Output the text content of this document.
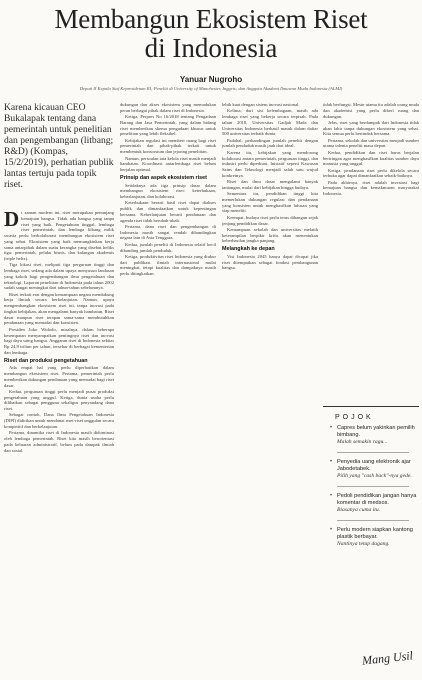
Membangun Ekosistem Riset
di Indonesia
Yanuar Nugroho
Deputi II Kepala Staf Kepresidenan RI; Peneliti di University of Manchester, Inggris; dan Anggota Akademi Ilmuwan Muda Indonesia (ALMI)
Karena kicauan CEO Bukalapak tentang dana pemerintah untuk penelitian dan pengembangan (litbang; R&D) (Kompas, 15/2/2019), perhatian publik lantas tertuju pada topik riset.

Di zaman modern ini, riset merupakan penunjang kemajuan bangsa. Tidak ada bangsa yang tanpa riset yang baik. Pengetahuan tinggal, lembaga riset pemerintah, dan lembaga litbang milik swasta perlu berkolaborasi membangun ekosistem riset yang sehat. Ekosistem yang baik memungkinkan kerja sama antarpihak dalam suatu kerangka yang disebut heliks tiga: pemerintah, pelaku bisnis, dan kalangan akademis (triple helix).

Tiga lokasi riset, meliputi tiga perguruan tinggi dan lembaga riset, sedang ada dalam upaya menyusun landasan yang kokoh bagi pengembangan ilmu pengetahuan dan teknologi. Laporan penelitian di Indonesia pada tahun 2002 sudah sangat meningkat dari tahun-tahun sebelumnya.

Riset terkait erat dengan kemampuan negara mendukung kerja ilmiah secara berkelanjutan. Namun, upaya mengembangkan ekosistem riset ini, tanpa inovasi pada tingkat kebijakan, akan mengalami banyak hambatan. Riset dasar maupun riset terapan sama-sama membutuhkan pendanaan yang memadai dan konsisten.

Presiden Joko Widodo, misalnya, dalam beberapa kesempatan menyampaikan pentingnya riset dan inovasi bagi daya saing bangsa. Anggaran riset di Indonesia sekitar Rp 24,9 triliun per tahun, tersebar di berbagai kementerian dan lembaga.

Riset dan produksi pengetahuan

Ada empat hal yang perlu diperhatikan dalam membangun ekosistem riset. Pertama, pemerintah perlu memberikan dukungan pendanaan yang memadai bagi riset dasar.

Kedua, perguruan tinggi perlu menjadi pusat produksi pengetahuan yang unggul. Ketiga, dunia usaha perlu dilibatkan sebagai pengguna sekaligus penyandang dana riset.

Sebagai contoh, Dana Ilmu Pengetahuan Indonesia (DIPI) didirikan untuk mendanai riset-riset unggulan secara kompetitif dan berkelanjutan.

Pertama, dinamika riset di Indonesia masih didominasi oleh lembaga pemerintah. Riset kita masih berorientasi pada keluaran administratif, belum pada dampak ilmiah dan sosial.

dukungan dan akses ekosistem yang memadukan peran berbagai pihak dalam riset di Indonesia.

Ketiga, Perpres No 16/2018 tentang Pengadaan Barang dan Jasa Pemerintah, yang dalam bidang riset memberikan skema pengadaan khusus untuk penelitian yang lebih fleksibel.

Kebijakan regulasi ini memberi ruang bagi riset pemerintah dan pihak-pihak terkait untuk membentuk konsorsium dan jejaring penelitian.

Namun, persoalan tata kelola riset masih menjadi hambatan. Koordinasi antarlembaga riset belum berjalan optimal.

Prinsip dan aspek ekosistem riset

Setidaknya ada tiga prinsip dasar dalam membangun ekosistem riset: keterbukaan, keberlanjutan, dan kolaborasi.

Keterbukaan berarti hasil riset dapat diakses publik dan dimanfaatkan untuk kepentingan bersama. Keberlanjutan berarti pendanaan dan agenda riset tidak berubah-ubah.

Pertama, dana riset dan pengembangan di Indonesia masih sangat rendah dibandingkan negara lain di Asia Tenggara.

Kedua, jumlah peneliti di Indonesia relatif kecil dibanding jumlah penduduk.

Ketiga, produktivitas riset Indonesia yang diukur dari publikasi ilmiah internasional mulai meningkat, tetapi kualitas dan dampaknya masih perlu ditingkatkan.

lebih kuat dengan sistem inovasi nasional.

Kelima, dari sisi kelembagaan, masih ada lembaga riset yang bekerja secara terpisah. Pada tahun 2018, Universitas Gadjah Mada dan Universitas Indonesia berhasil masuk dalam daftar 500 universitas terbaik dunia.

Padahal, perbandingan jumlah peneliti dengan jumlah penduduk masih jauh dari ideal.

Karena itu, kebijakan yang mendorong kolaborasi antara pemerintah, perguruan tinggi, dan industri perlu diperkuat. Inisiatif seperti Kawasan Sains dan Teknologi menjadi salah satu wujud konkretnya.

Riset dan ilmu dasar mengalami banyak tantangan, mulai dari kebijakan hingga budaya.

Sementara itu, pendidikan tinggi kita memerlukan dukungan regulasi dan pendanaan yang konsisten untuk menghasilkan lulusan yang siap meneliti.

Keempat, budaya riset perlu terus dibangun sejak jenjang pendidikan dasar.

Kemampuan sekolah dan universitas melatih keterampilan berpikir kritis akan menentukan keberhasilan jangka panjang.

Melangkah ke depan

Visi Indonesia 2045 hanya dapat dicapai jika riset ditempatkan sebagai fondasi pembangunan bangsa.

tidak berfungsi. Mesin utama itu adalah orang muda dan akademisi yang perlu diberi ruang dan dukungan.

Jelas, riset yang berdampak dari Indonesia tidak akan lahir tanpa dukungan ekosistem yang sehat. Kita semua perlu bertindak bersama.

Pertama, sekolah dan universitas menjadi sumber utama talenta peneliti masa depan.

Kedua, pendidikan dan riset harus berjalan beriringan agar menghasilkan kualitas sumber daya manusia yang unggul.

Ketiga, pendanaan riset perlu dikelola secara terbuka agar dapat dimanfaatkan sebaik-baiknya.

Pada akhirnya, riset adalah investasi bagi kemajuan bangsa dan kemakmuran masyarakat Indonesia.

POJOK
• Capres belum yakinkan pemilih bimbang.
Malah semakin ragu...
• Penyedia uang elektronik ajar Jabodetabek.
Pilih yang "cash back"-nya gede.
• Pedoli pendidikan jangan hanya komentar di medsos.
Biasanya cuma itu.
• Perlu modern siapkan kantong plastik berbayar.
Nantinya tetap dagang.
Mang Usil
